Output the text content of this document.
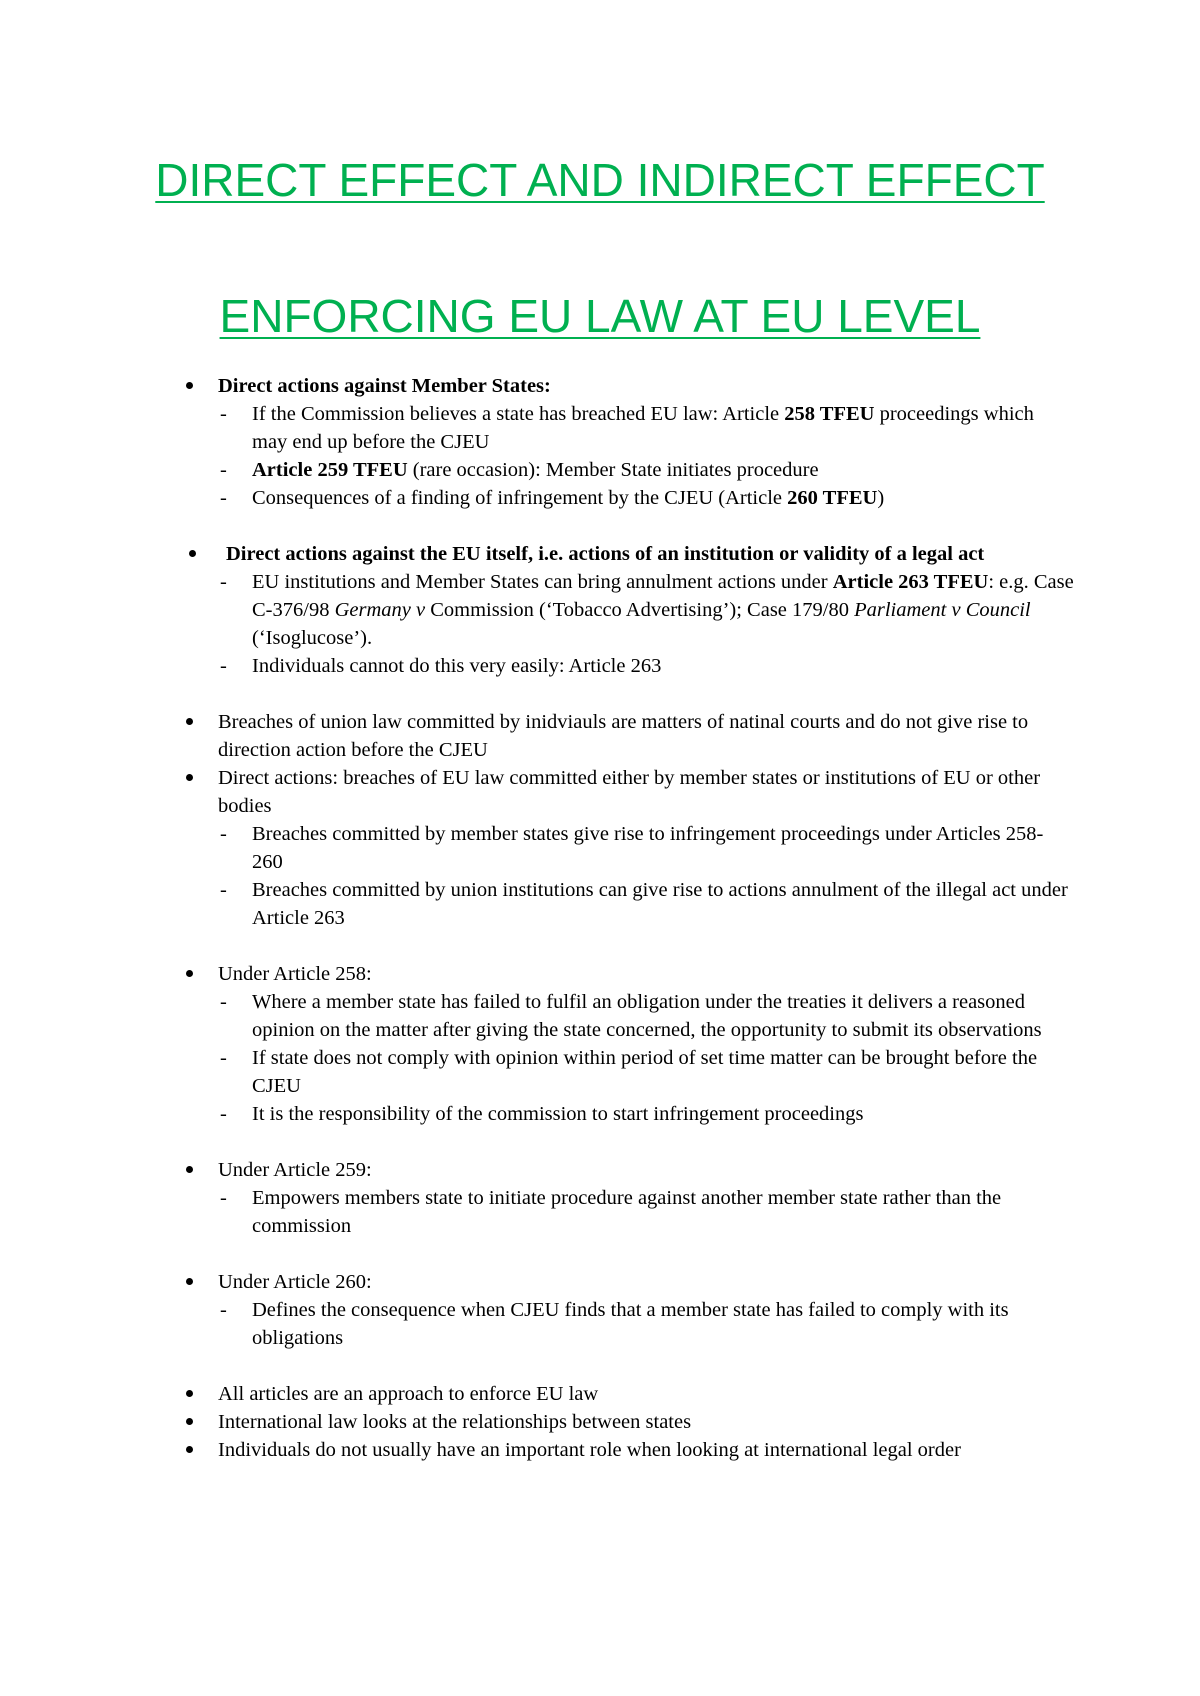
DIRECT EFFECT AND INDIRECT EFFECT
ENFORCING EU LAW AT EU LEVEL
Direct actions against Member States:
- If the Commission believes a state has breached EU law: Article 258 TFEU proceedings which may end up before the CJEU
- Article 259 TFEU (rare occasion): Member State initiates procedure
- Consequences of a finding of infringement by the CJEU (Article 260 TFEU)
Direct actions against the EU itself, i.e. actions of an institution or validity of a legal act
- EU institutions and Member States can bring annulment actions under Article 263 TFEU: e.g. Case C-376/98 Germany v Commission (‘Tobacco Advertising’); Case 179/80 Parliament v Council (‘Isoglucose’).
- Individuals cannot do this very easily: Article 263
Breaches of union law committed by inidviauls are matters of natinal courts and do not give rise to direction action before the CJEU
Direct actions: breaches of EU law committed either by member states or institutions of EU or other bodies
- Breaches committed by member states give rise to infringement proceedings under Articles 258-260
- Breaches committed by union institutions can give rise to actions annulment of the illegal act under Article 263
Under Article 258:
- Where a member state has failed to fulfil an obligation under the treaties it delivers a reasoned opinion on the matter after giving the state concerned, the opportunity to submit its observations
- If state does not comply with opinion within period of set time matter can be brought before the CJEU
- It is the responsibility of the commission to start infringement proceedings
Under Article 259:
- Empowers members state to initiate procedure against another member state rather than the commission
Under Article 260:
- Defines the consequence when CJEU finds that a member state has failed to comply with its obligations
All articles are an approach to enforce EU law
International law looks at the relationships between states
Individuals do not usually have an important role when looking at international legal order
